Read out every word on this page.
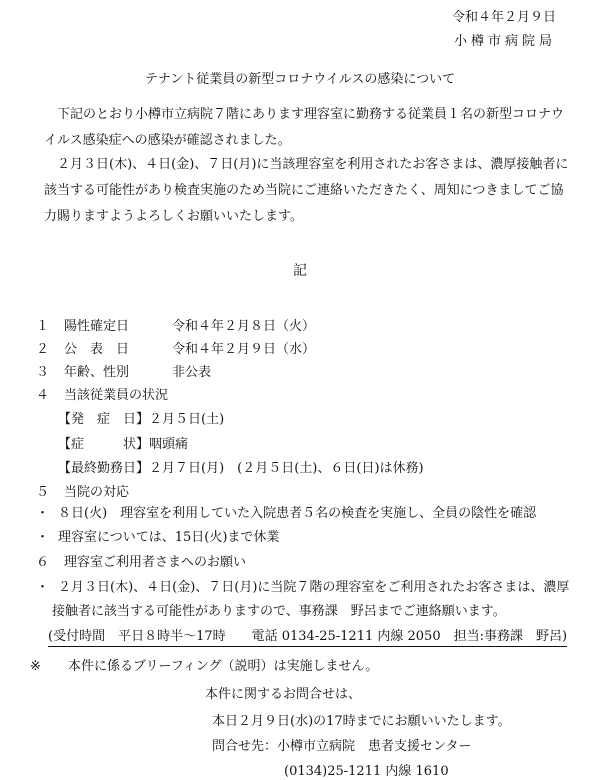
令和４年２月９日
小樽市病院局
テナント従業員の新型コロナウイルスの感染について
下記のとおり小樽市立病院７階にあります理容室に勤務する従業員１名の新型コロナウイルス感染症への感染が確認されました。
２月３日(木)、４日(金)、７日(月)に当該理容室を利用されたお客さまは、濃厚接触者に該当する可能性があり検査実施のため当院にご連絡いただきたく、周知につきましてご協力賜りますようよろしくお願いいたします。
記
１ 陽性確定日	令和４年２月８日（火）
２ 公　表　日	令和４年２月９日（水）
３ 年齢、性別	非公表
４ 当該従業員の状況
【発　症　日】２月５日(土)
【症　　　状】咽頭痛
【最終勤務日】２月７日(月)　(２月５日(土)、６日(日)は休務)
５ 当院の対応
・ ８日(火)　理容室を利用していた入院患者５名の検査を実施し、全員の陰性を確認
・ 理容室については、15日(火)まで休業
６ 理容室ご利用者さまへのお願い
・ ２月３日(木)、４日(金)、７日(月)に当院７階の理容室をご利用されたお客さまは、濃厚
接触者に該当する可能性がありますので、事務課　野呂までご連絡願います。
(受付時間　平日８時半〜17時　　電話 0134-25-1211 内線 2050　担当:事務課　野呂)
※ 本件に係るブリーフィング（説明）は実施しません。
本件に関するお問合せは、
本日２月９日(水)の17時までにお願いいたします。
問合せ先：小樽市立病院　患者支援センター
(0134)25-1211 内線 1610
